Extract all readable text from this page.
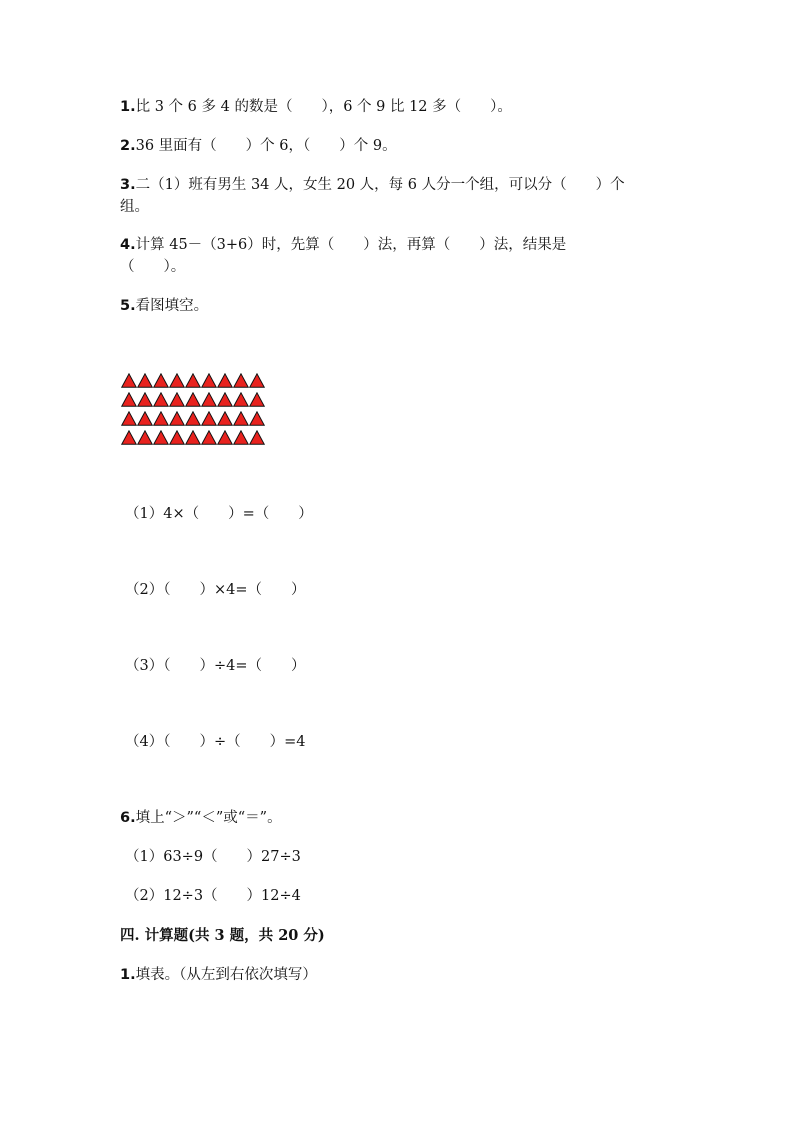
1.比 3 个 6 多 4 的数是（　　），6 个 9 比 12 多（　　）。
2.36 里面有（　　）个 6，（　　）个 9。
3.二（1）班有男生 34 人，女生 20 人，每 6 人分一个组，可以分（　　）个
组。
4.计算 45－（3+6）时，先算（　　）法，再算（　　）法，结果是
（　　）。
5.看图填空。
（1）4×（　　）=（　　）
（2）（　　）×4=（　　）
（3）（　　）÷4=（　　）
（4）（　　）÷（　　）=4
6.填上“＞”“＜”或“＝”。
（1）63÷9（　　）27÷3
（2）12÷3（　　）12÷4
四. 计算题(共 3 题，共 20 分)
1.填表。（从左到右依次填写）
